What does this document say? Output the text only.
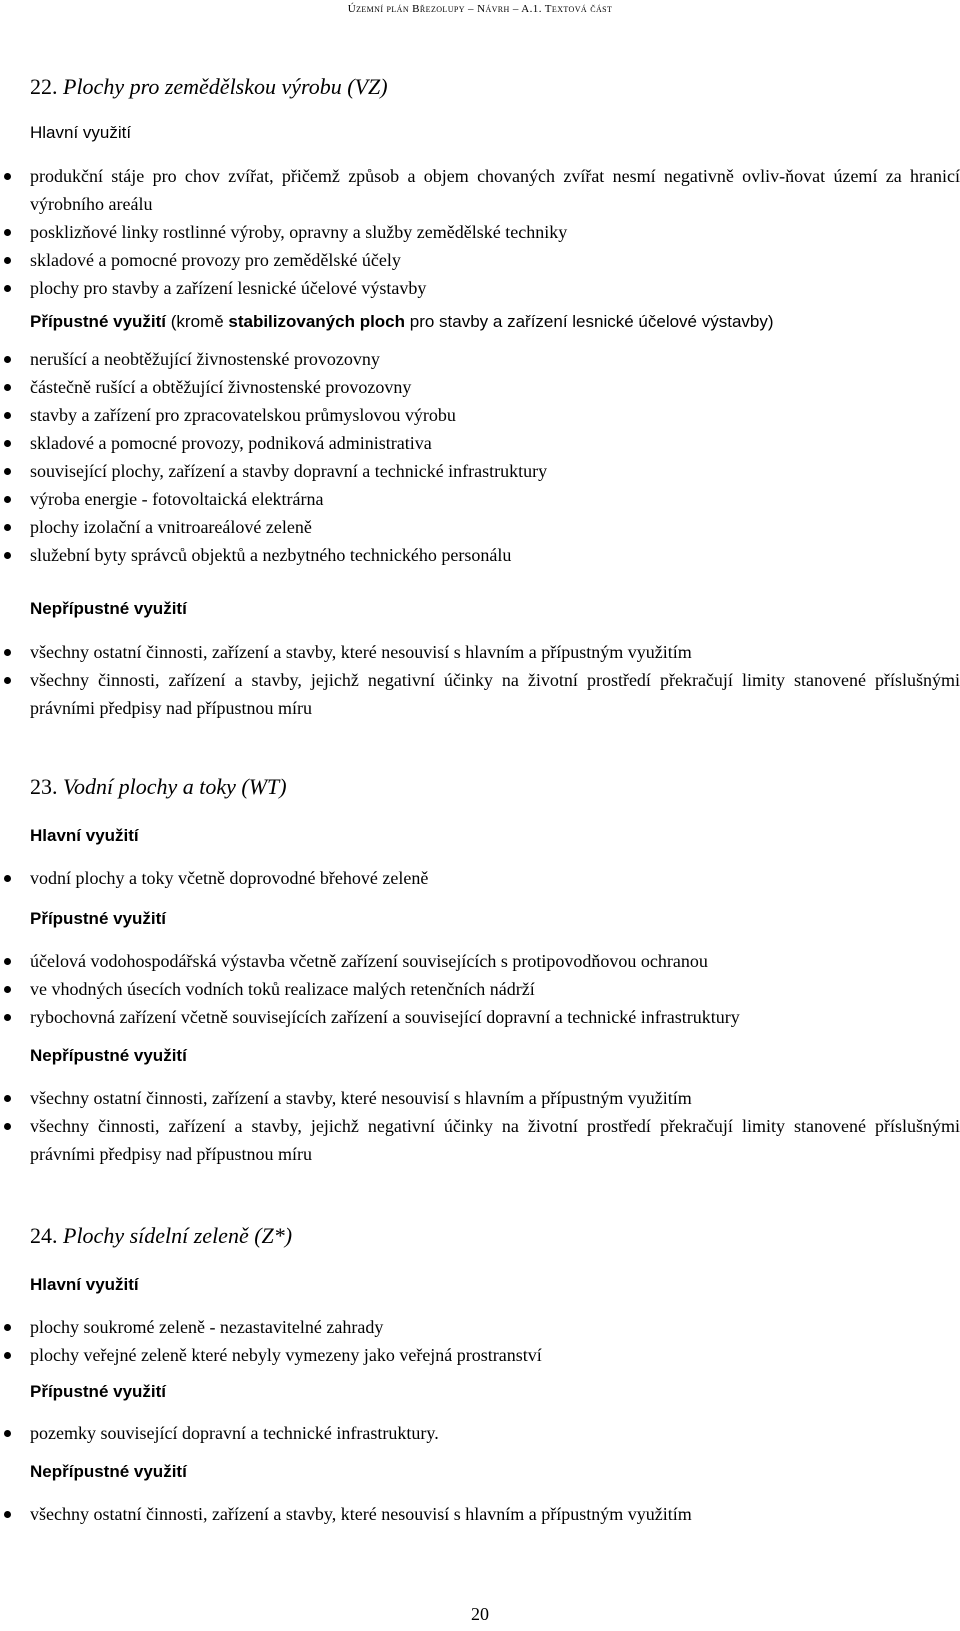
Územní plán Březolupy – Návrh – A.1. Textová část
22. Plochy pro zemědělskou výrobu (VZ)
Hlavní využití
produkční stáje pro chov zvířat, přičemž způsob a objem chovaných zvířat nesmí negativně ovliv-ňovat území za hranicí výrobního areálu
posklizňové linky rostlinné výroby, opravny a služby zemědělské techniky
skladové a pomocné provozy pro zemědělské účely
plochy pro stavby a zařízení lesnické účelové výstavby
Přípustné využití (kromě stabilizovaných ploch pro stavby a zařízení lesnické účelové výstavby)
nerušící a neobtěžující živnostenské provozovny
částečně rušící a obtěžující živnostenské provozovny
stavby a zařízení pro zpracovatelskou průmyslovou výrobu
skladové a pomocné provozy, podniková administrativa
související plochy, zařízení a stavby dopravní a technické infrastruktury
výroba energie - fotovoltaická elektrárna
plochy izolační a vnitroareálové zeleně
služební byty správců objektů a nezbytného technického personálu
Nepřípustné využití
všechny ostatní činnosti, zařízení a stavby, které nesouvisí s hlavním a přípustným využitím
všechny činnosti, zařízení a stavby, jejichž negativní účinky na životní prostředí překračují limity stanovené příslušnými právními předpisy nad přípustnou míru
23. Vodní plochy a toky (WT)
Hlavní využití
vodní plochy a toky včetně doprovodné břehové zeleně
Přípustné využití
účelová vodohospodářská výstavba včetně zařízení souvisejících s protipovodňovou ochranou
ve vhodných úsecích vodních toků realizace malých retenčních nádrží
rybochovná zařízení včetně souvisejících zařízení a související dopravní a technické infrastruktury
Nepřípustné využití
všechny ostatní činnosti, zařízení a stavby, které nesouvisí s hlavním a přípustným využitím
všechny činnosti, zařízení a stavby, jejichž negativní účinky na životní prostředí překračují limity stanovené příslušnými právními předpisy nad přípustnou míru
24. Plochy sídelní zeleně (Z*)
Hlavní využití
plochy soukromé zeleně - nezastavitelné zahrady
plochy veřejné zeleně které nebyly vymezeny jako veřejná prostranství
Přípustné využití
pozemky související dopravní a technické infrastruktury.
Nepřípustné využití
všechny ostatní činnosti, zařízení a stavby, které nesouvisí s hlavním a přípustným využitím
20
